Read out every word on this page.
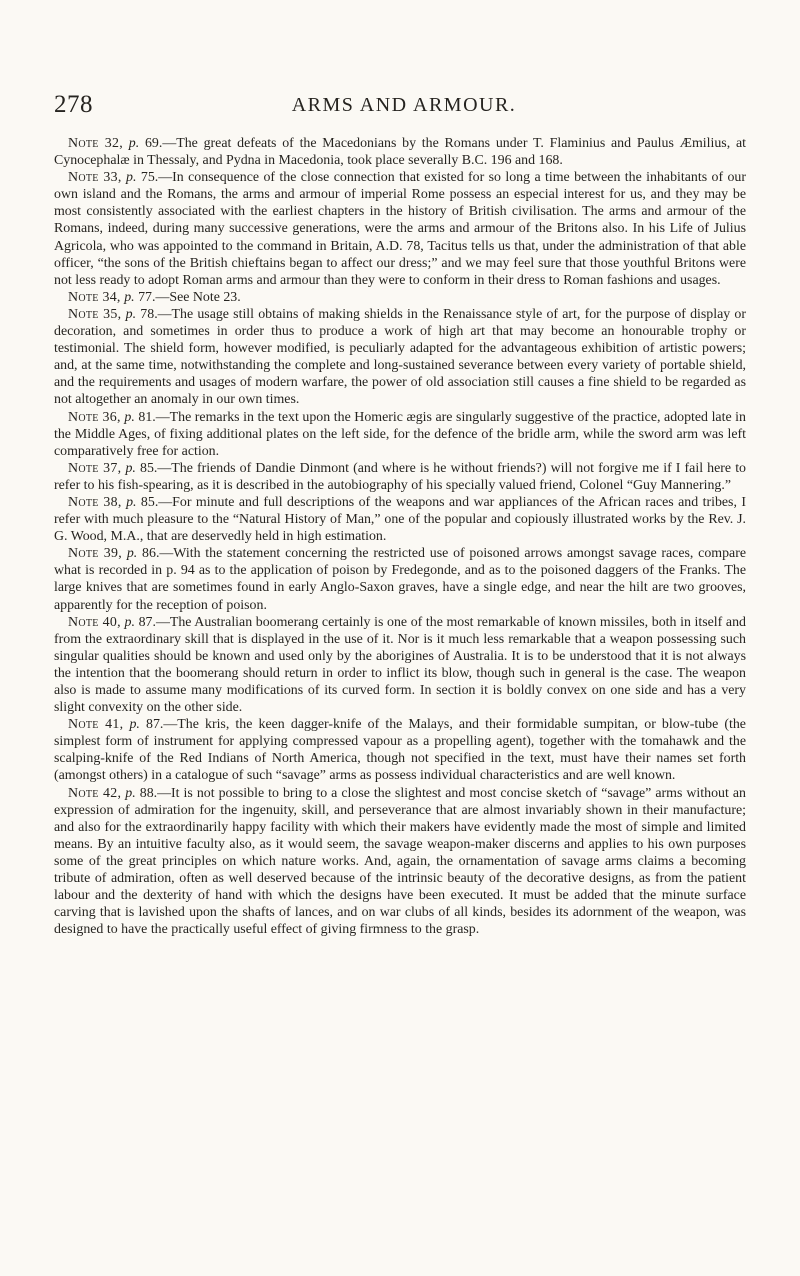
278	ARMS AND ARMOUR.

Note 32, p. 69.—The great defeats of the Macedonians by the Romans under T. Flaminius and Paulus Æmilius, at Cynocephalæ in Thessaly, and Pydna in Macedonia, took place severally B.C. 196 and 168.

Note 33, p. 75.—In consequence of the close connection that existed for so long a time between the inhabitants of our own island and the Romans, the arms and armour of imperial Rome possess an especial interest for us, and they may be most consistently associated with the earliest chapters in the history of British civilisation. The arms and armour of the Romans, indeed, during many successive generations, were the arms and armour of the Britons also. In his Life of Julius Agricola, who was appointed to the command in Britain, A.D. 78, Tacitus tells us that, under the administration of that able officer, “the sons of the British chieftains began to affect our dress;” and we may feel sure that those youthful Britons were not less ready to adopt Roman arms and armour than they were to conform in their dress to Roman fashions and usages.

Note 34, p. 77.—See Note 23.

Note 35, p. 78.—The usage still obtains of making shields in the Renaissance style of art, for the purpose of display or decoration, and sometimes in order thus to produce a work of high art that may become an honourable trophy or testimonial. The shield form, however modified, is peculiarly adapted for the advantageous exhibition of artistic powers; and, at the same time, notwithstanding the complete and long-sustained severance between every variety of portable shield, and the requirements and usages of modern warfare, the power of old association still causes a fine shield to be regarded as not altogether an anomaly in our own times.

Note 36, p. 81.—The remarks in the text upon the Homeric ægis are singularly suggestive of the practice, adopted late in the Middle Ages, of fixing additional plates on the left side, for the defence of the bridle arm, while the sword arm was left comparatively free for action.

Note 37, p. 85.—The friends of Dandie Dinmont (and where is he without friends?) will not forgive me if I fail here to refer to his fish-spearing, as it is described in the autobiography of his specially valued friend, Colonel “Guy Mannering.”

Note 38, p. 85.—For minute and full descriptions of the weapons and war appliances of the African races and tribes, I refer with much pleasure to the “Natural History of Man,” one of the popular and copiously illustrated works by the Rev. J. G. Wood, M.A., that are deservedly held in high estimation.

Note 39, p. 86.—With the statement concerning the restricted use of poisoned arrows amongst savage races, compare what is recorded in p. 94 as to the application of poison by Fredegonde, and as to the poisoned daggers of the Franks. The large knives that are sometimes found in early Anglo-Saxon graves, have a single edge, and near the hilt are two grooves, apparently for the reception of poison.

Note 40, p. 87.—The Australian boomerang certainly is one of the most remarkable of known missiles, both in itself and from the extraordinary skill that is displayed in the use of it. Nor is it much less remarkable that a weapon possessing such singular qualities should be known and used only by the aborigines of Australia. It is to be understood that it is not always the intention that the boomerang should return in order to inflict its blow, though such in general is the case. The weapon also is made to assume many modifications of its curved form. In section it is boldly convex on one side and has a very slight convexity on the other side.

Note 41, p. 87.—The kris, the keen dagger-knife of the Malays, and their formidable sumpitan, or blow-tube (the simplest form of instrument for applying compressed vapour as a propelling agent), together with the tomahawk and the scalping-knife of the Red Indians of North America, though not specified in the text, must have their names set forth (amongst others) in a catalogue of such “savage” arms as possess individual characteristics and are well known.

Note 42, p. 88.—It is not possible to bring to a close the slightest and most concise sketch of “savage” arms without an expression of admiration for the ingenuity, skill, and perseverance that are almost invariably shown in their manufacture; and also for the extraordinarily happy facility with which their makers have evidently made the most of simple and limited means. By an intuitive faculty also, as it would seem, the savage weapon-maker discerns and applies to his own purposes some of the great principles on which nature works. And, again, the ornamentation of savage arms claims a becoming tribute of admiration, often as well deserved because of the intrinsic beauty of the decorative designs, as from the patient labour and the dexterity of hand with which the designs have been executed. It must be added that the minute surface carving that is lavished upon the shafts of lances, and on war clubs of all kinds, besides its adornment of the weapon, was designed to have the practically useful effect of giving firmness to the grasp.
